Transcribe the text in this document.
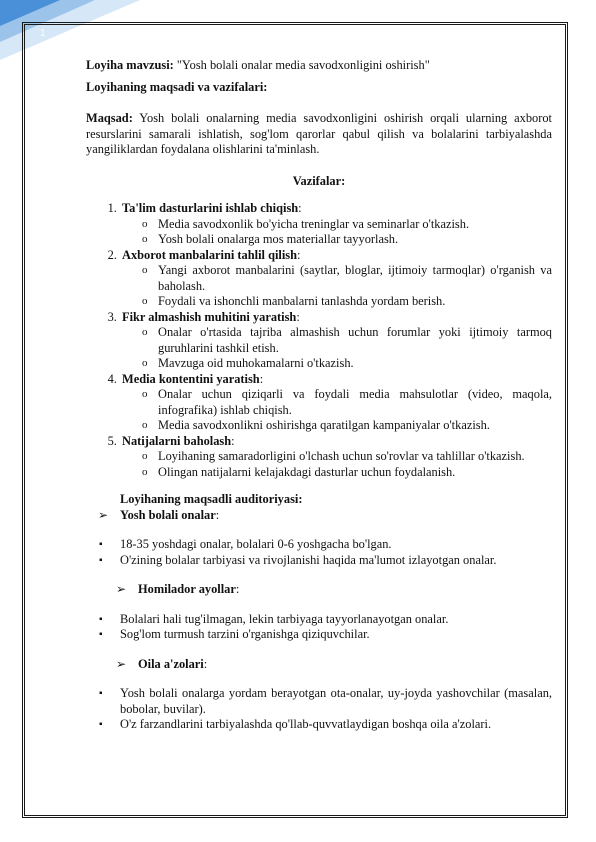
1

Loyiha mavzusi: "Yosh bolali onalar media savodxonligini oshirish"

Loyihaning maqsadi va vazifalari:

Maqsad: Yosh bolali onalarning media savodxonligini oshirish orqali ularning axborot resurslarini samarali ishlatish, sog'lom qarorlar qabul qilish va bolalarini tarbiyalashda yangiliklardan foydalana olishlarini ta'minlash.

Vazifalar:

1. Ta'lim dasturlarini ishlab chiqish:
o Media savodxonlik bo'yicha treninglar va seminarlar o'tkazish.
o Yosh bolali onalarga mos materiallar tayyorlash.
2. Axborot manbalarini tahlil qilish:
o Yangi axborot manbalarini (saytlar, bloglar, ijtimoiy tarmoqlar) o'rganish va baholash.
o Foydali va ishonchli manbalarni tanlashda yordam berish.
3. Fikr almashish muhitini yaratish:
o Onalar o'rtasida tajriba almashish uchun forumlar yoki ijtimoiy tarmoq guruhlarini tashkil etish.
o Mavzuga oid muhokamalarni o'tkazish.
4. Media kontentini yaratish:
o Onalar uchun qiziqarli va foydali media mahsulotlar (video, maqola, infografika) ishlab chiqish.
o Media savodxonlikni oshirishga qaratilgan kampaniyalar o'tkazish.
5. Natijalarni baholash:
o Loyihaning samaradorligini o'lchash uchun so'rovlar va tahlillar o'tkazish.
o Olingan natijalarni kelajakdagi dasturlar uchun foydalanish.

Loyihaning maqsadli auditoriyasi:

➢ Yosh bolali onalar:

▪ 18-35 yoshdagi onalar, bolalari 0-6 yoshgacha bo'lgan.
▪ O'zining bolalar tarbiyasi va rivojlanishi haqida ma'lumot izlayotgan onalar.

➢ Homilador ayollar:

▪ Bolalari hali tug'ilmagan, lekin tarbiyaga tayyorlanayotgan onalar.
▪ Sog'lom turmush tarzini o'rganishga qiziquvchilar.

➢ Oila a'zolari:

▪ Yosh bolali onalarga yordam berayotgan ota-onalar, uy-joyda yashovchilar (masalan, bobolar, buvilar).
▪ O'z farzandlarini tarbiyalashda qo'llab-quvvatlaydigan boshqa oila a'zolari.
